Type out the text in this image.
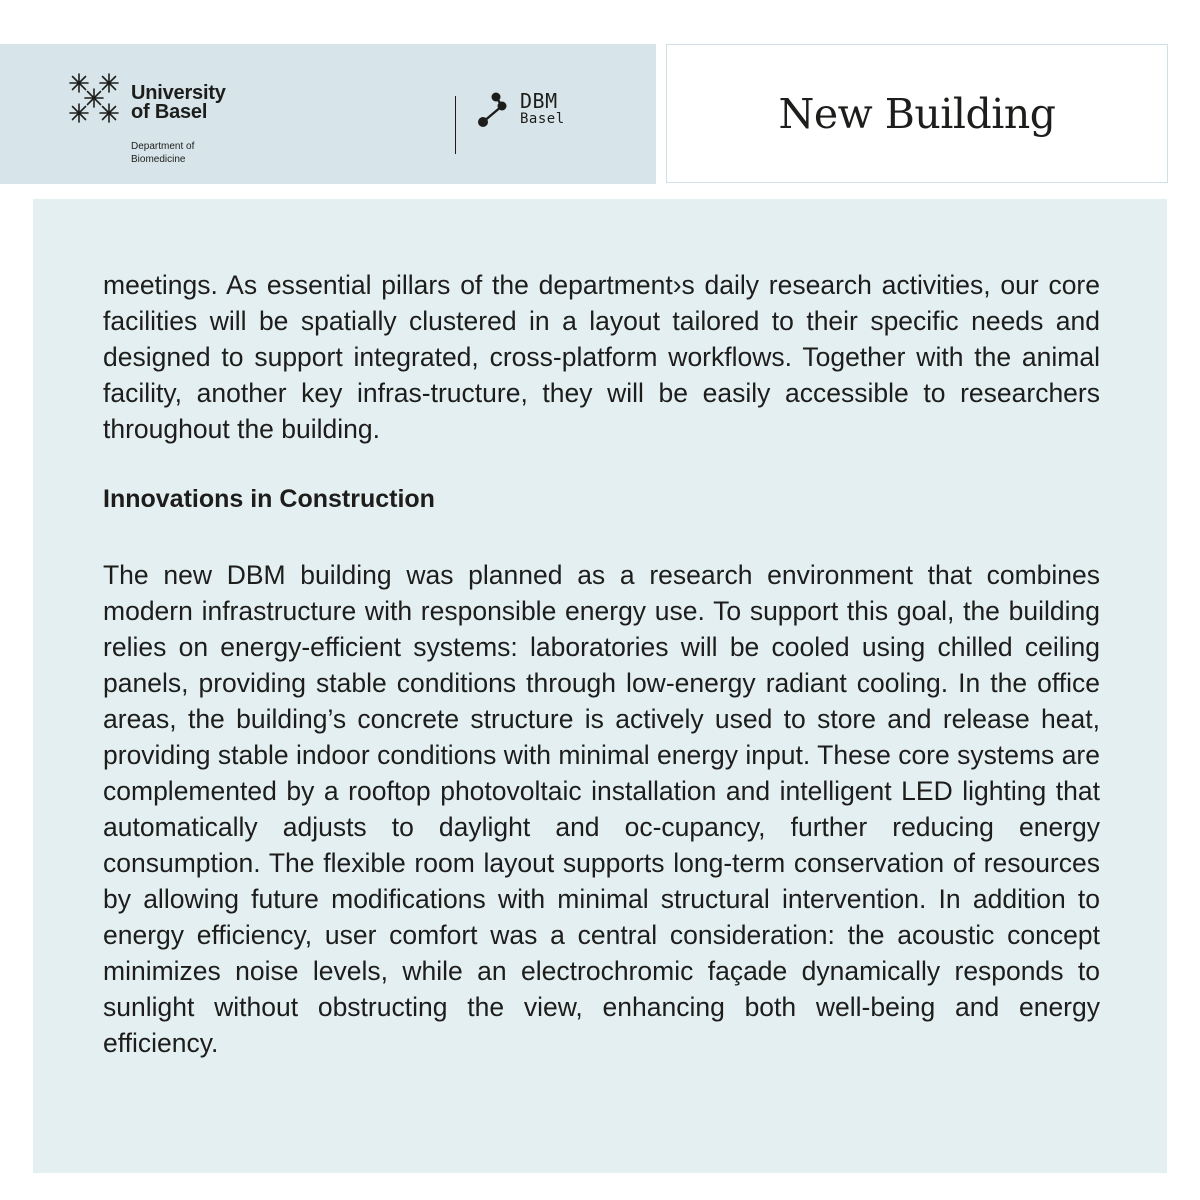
University
of Basel
Department of
Biomedicine
DBM
Basel	New Building
meetings. As essential pillars of the department›s daily research activities, our core facilities will be spatially clustered in a layout tailored to their specific needs and designed to support integrated, cross-platform workflows. Together with the animal facility, another key infras-tructure, they will be easily accessible to researchers throughout the building.
Innovations in Construction
The new DBM building was planned as a research environment that combines modern infrastructure with responsible energy use. To support this goal, the building relies on energy-efficient systems: laboratories will be cooled using chilled ceiling panels, providing stable conditions through low-energy radiant cooling. In the office areas, the building’s concrete structure is actively used to store and release heat, providing stable indoor conditions with minimal energy input. These core systems are complemented by a rooftop photovoltaic installation and intelligent LED lighting that automatically adjusts to daylight and oc-cupancy, further reducing energy consumption. The flexible room layout supports long-term conservation of resources by allowing future modifications with minimal structural intervention. In addition to energy efficiency, user comfort was a central consideration: the acoustic concept minimizes noise levels, while an electrochromic façade dynamically responds to sunlight without obstructing the view, enhancing both well-being and energy efficiency.
